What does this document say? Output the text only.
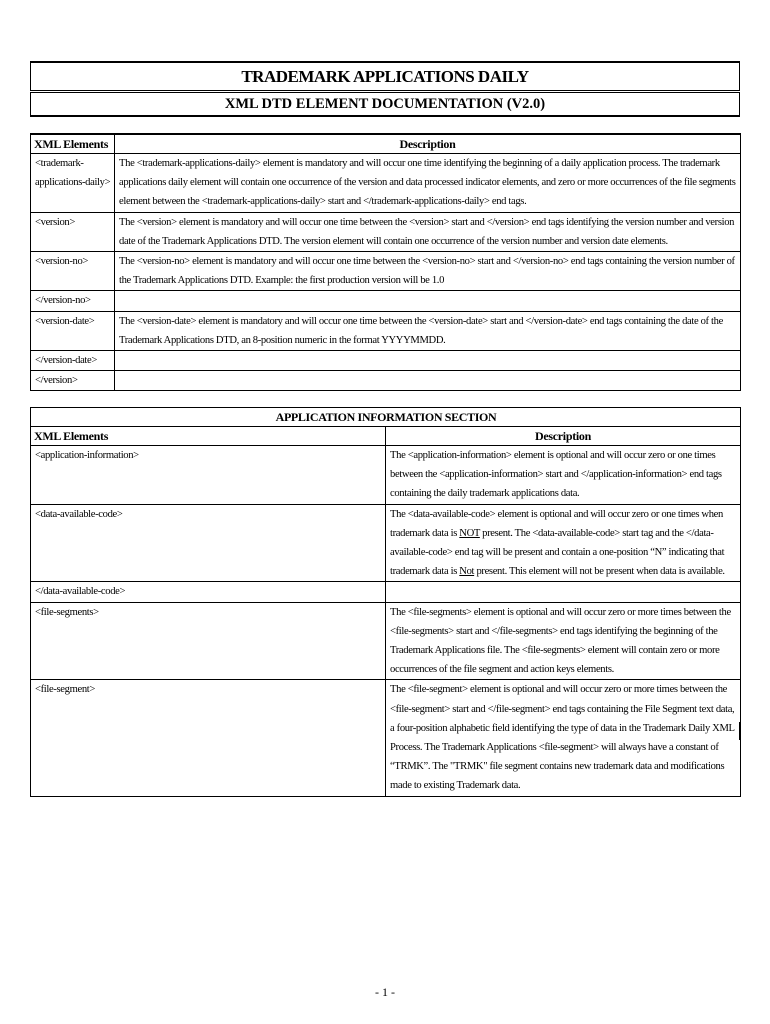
TRADEMARK APPLICATIONS DAILY
XML DTD ELEMENT DOCUMENTATION (V2.0)
XML Elements	Description
<trademark-applications-daily>	The <trademark-applications-daily> element is mandatory and will occur one time identifying the beginning of a daily application process. The trademark applications daily element will contain one occurrence of the version and data processed indicator elements, and zero or more occurrences of the file segments element between the <trademark-applications-daily> start and </trademark-applications-daily> end tags.
<version>	The <version> element is mandatory and will occur one time between the <version> start and </version> end tags identifying the version number and version date of the Trademark Applications DTD. The version element will contain one occurrence of the version number and version date elements.
<version-no>	The <version-no> element is mandatory and will occur one time between the <version-no> start and </version-no> end tags containing the version number of the Trademark Applications DTD. Example: the first production version will be 1.0
</version-no>	
<version-date>	The <version-date> element is mandatory and will occur one time between the <version-date> start and </version-date> end tags containing the date of the Trademark Applications DTD, an 8-position numeric in the format YYYYMMDD.
</version-date>	
</version>	
APPLICATION INFORMATION SECTION	
XML Elements	Description
<application-information>	The <application-information> element is optional and will occur zero or one times between the <application-information> start and </application-information> end tags containing the daily trademark applications data.
<data-available-code>	The <data-available-code> element is optional and will occur zero or one times when trademark data is NOT present. The <data-available-code> start tag and the </data-available-code> end tag will be present and contain a one-position “N” indicating that trademark data is Not present. This element will not be present when data is available.
</data-available-code>	
<file-segments>	The <file-segments> element is optional and will occur zero or more times between the <file-segments> start and </file-segments> end tags identifying the beginning of the Trademark Applications file. The <file-segments> element will contain zero or more occurrences of the file segment and action keys elements.
<file-segment>	The <file-segment> element is optional and will occur zero or more times between the <file-segment> start and </file-segment> end tags containing the File Segment text data, a four-position alphabetic field identifying the type of data in the Trademark Daily XML Process. The Trademark Applications <file-segment> will always have a constant of “TRMK”. The "TRMK" file segment contains new trademark data and modifications made to existing Trademark data.
- 1 -
